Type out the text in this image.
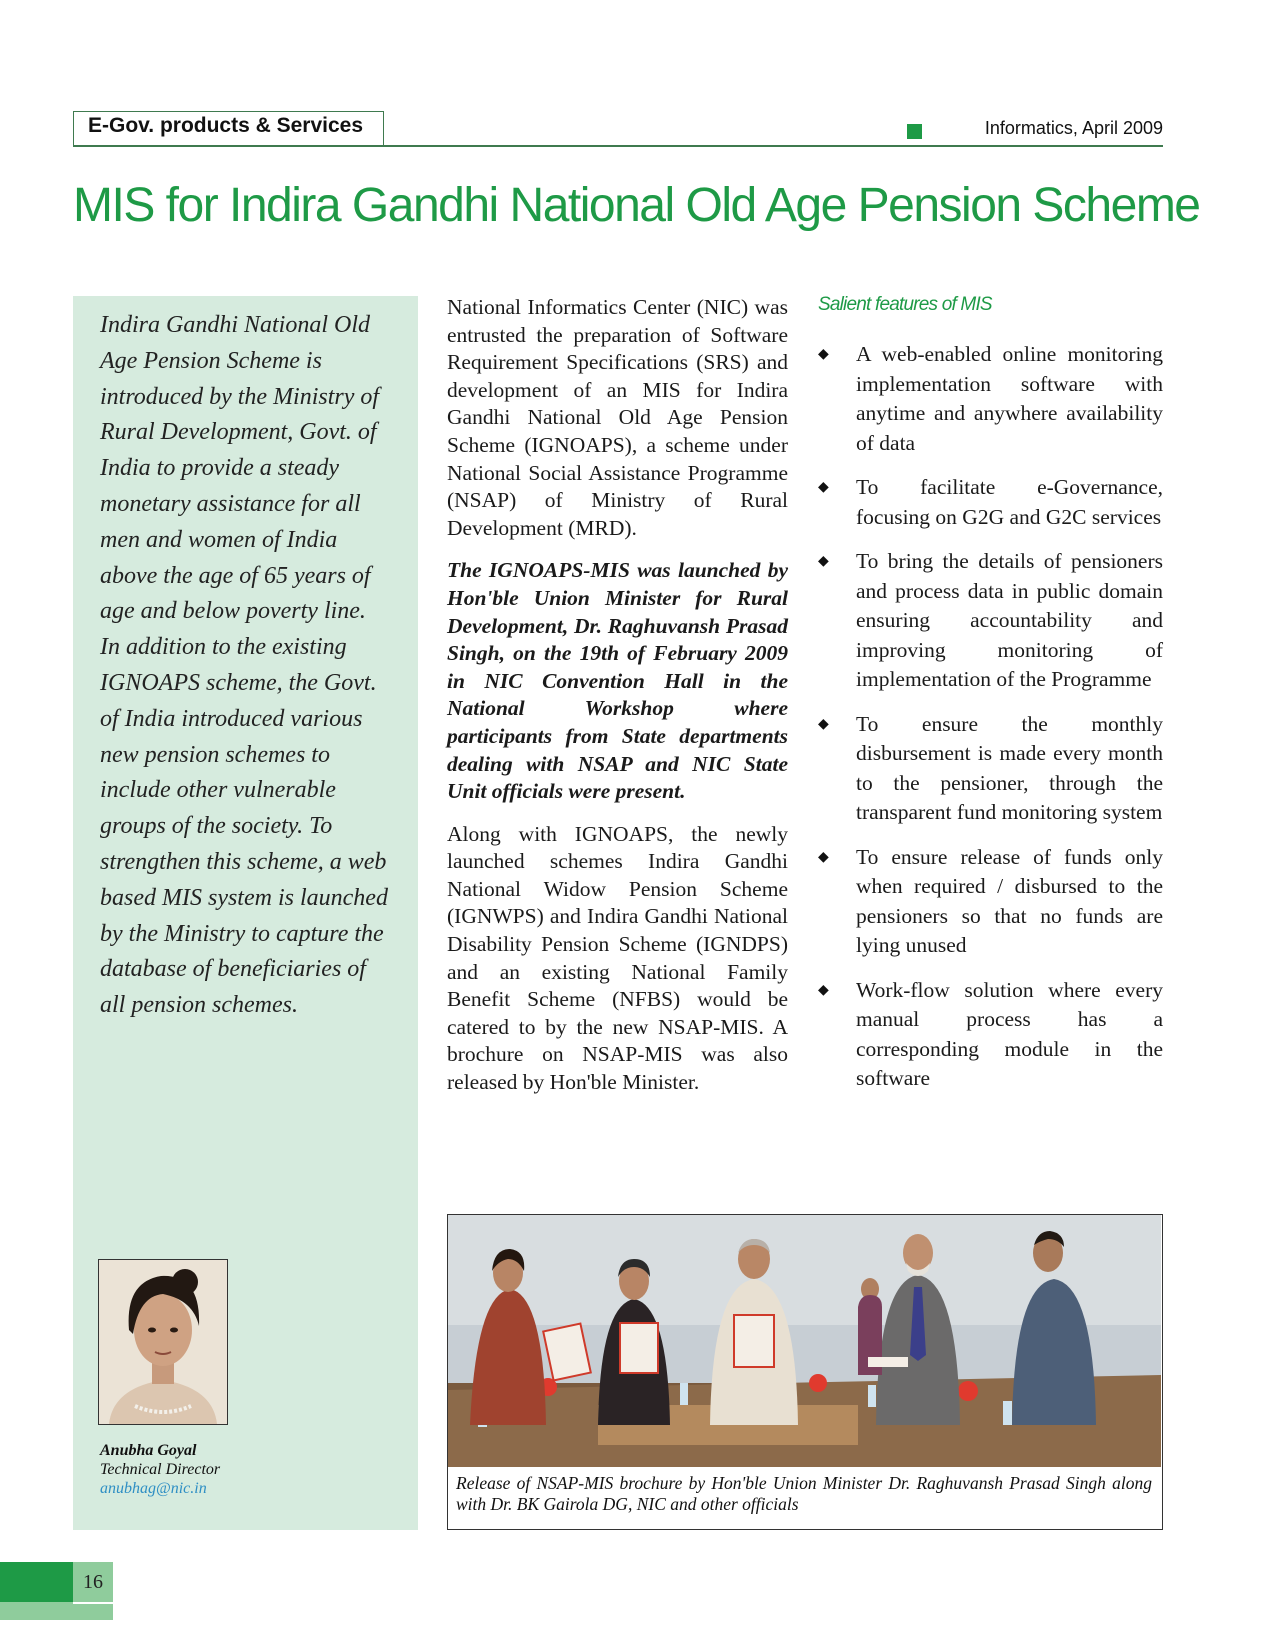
E-Gov. products & Services	Informatics, April 2009
MIS for Indira Gandhi National Old Age Pension Scheme

Indira Gandhi National Old Age Pension Scheme is introduced by the Ministry of Rural Development, Govt. of India to provide a steady monetary assistance for all men and women of India above the age of 65 years of age and below poverty line. In addition to the existing IGNOAPS scheme, the Govt. of India introduced various new pension schemes to include other vulnerable groups of the society. To strengthen this scheme, a web based MIS system is launched by the Ministry to capture the database of beneficiaries of all pension schemes.

Anubha Goyal
Technical Director
anubhag@nic.in

National Informatics Center (NIC) was entrusted the preparation of Software Requirement Specifications (SRS) and development of an MIS for Indira Gandhi National Old Age Pension Scheme (IGNOAPS), a scheme under National Social Assistance Programme (NSAP) of Ministry of Rural Development (MRD).

The IGNOAPS-MIS was launched by Hon'ble Union Minister for Rural Development, Dr. Raghuvansh Prasad Singh, on the 19th of February 2009 in NIC Convention Hall in the National Workshop where participants from State departments dealing with NSAP and NIC State Unit officials were present.

Along with IGNOAPS, the newly launched schemes Indira Gandhi National Widow Pension Scheme (IGNWPS) and Indira Gandhi National Disability Pension Scheme (IGNDPS) and an existing National Family Benefit Scheme (NFBS) would be catered to by the new NSAP-MIS. A brochure on NSAP-MIS was also released by Hon'ble Minister.

Salient features of MIS
◆ A web-enabled online monitoring implementation software with anytime and anywhere availability of data
◆ To facilitate e-Governance, focusing on G2G and G2C services
◆ To bring the details of pensioners and process data in public domain ensuring accountability and improving monitoring of implementation of the Programme
◆ To ensure the monthly disbursement is made every month to the pensioner, through the transparent fund monitoring system
◆ To ensure release of funds only when required / disbursed to the pensioners so that no funds are lying unused
◆ Work-flow solution where every manual process has a corresponding module in the software

Release of NSAP-MIS brochure by Hon'ble Union Minister Dr. Raghuvansh Prasad Singh along with Dr. BK Gairola DG, NIC and other officials

16
